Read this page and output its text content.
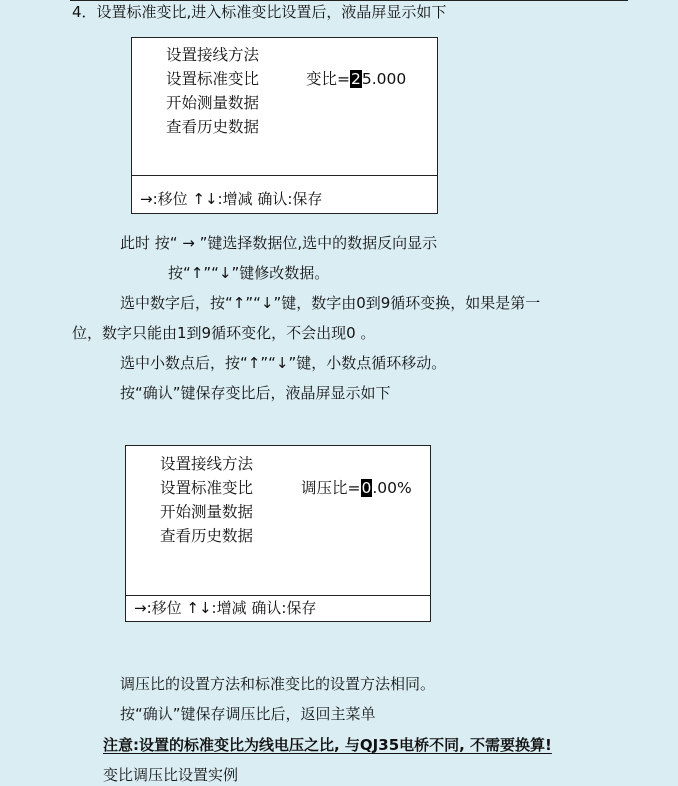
4．设置标准变比,进入标准变比设置后，液晶屏显示如下
设置接线方法
设置标准变比
开始测量数据
查看历史数据
变比=25.000
→:移位 ↑↓:增减 确认:保存
此时 按“ → ”键选择数据位,选中的数据反向显示
按“↑”“↓”键修改数据。
选中数字后，按“↑”“↓”键，数字由0到9循环变换，如果是第一
位，数字只能由1到9循环变化，不会出现0 。
选中小数点后，按“↑”“↓”键，小数点循环移动。
按“确认”键保存变比后，液晶屏显示如下
设置接线方法
设置标准变比
开始测量数据
查看历史数据
调压比=0.00%
→:移位 ↑↓:增减 确认:保存
调压比的设置方法和标准变比的设置方法相同。
按“确认”键保存调压比后，返回主菜单
注意:设置的标准变比为线电压之比, 与QJ35电桥不同, 不需要换算!
变比调压比设置实例
